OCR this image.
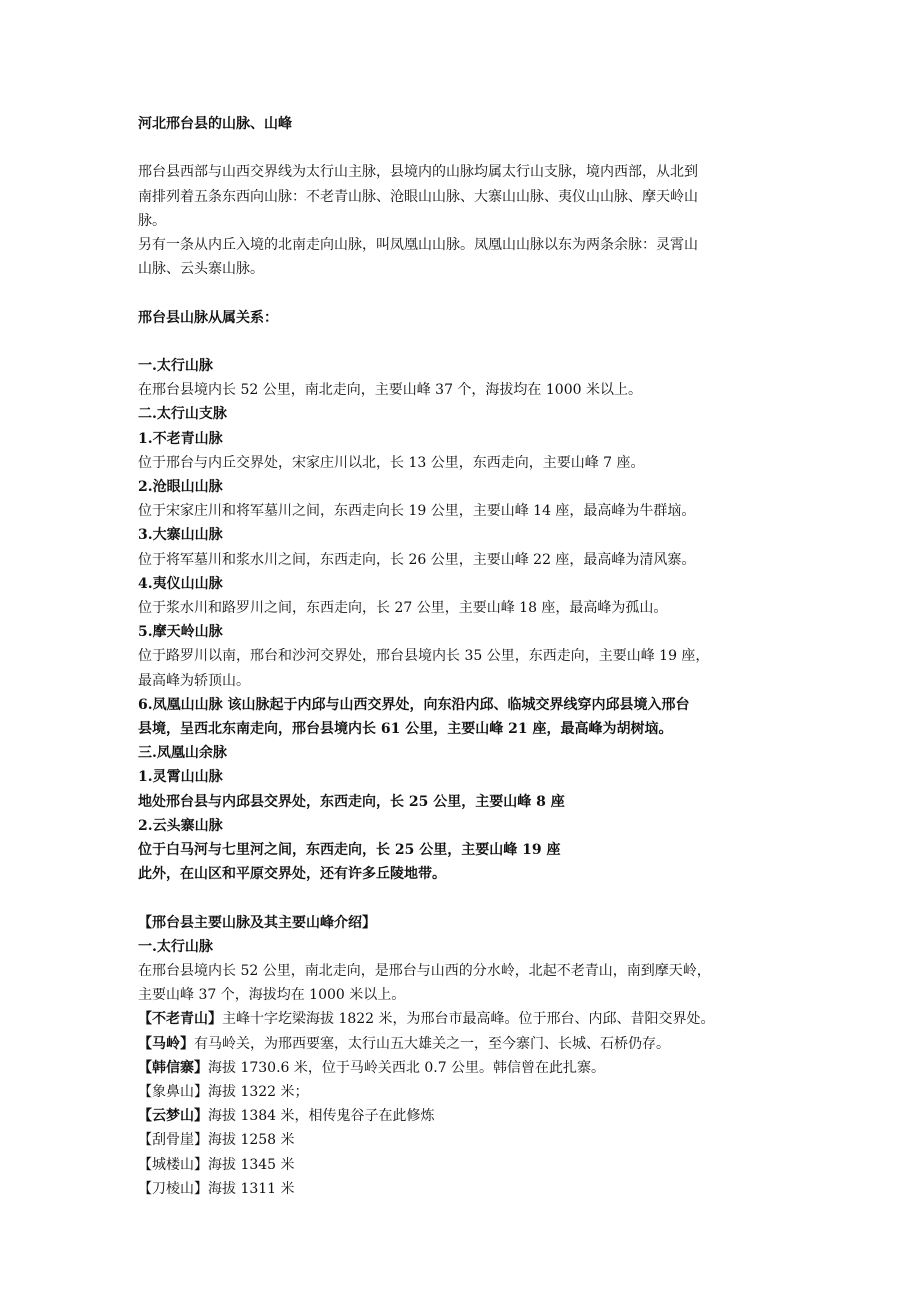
河北邢台县的山脉、山峰

邢台县西部与山西交界线为太行山主脉，县境内的山脉均属太行山支脉，境内西部，从北到

南排列着五条东西向山脉：不老青山脉、沧眼山山脉、大寨山山脉、夷仪山山脉、摩天岭山

脉。

另有一条从内丘入境的北南走向山脉，叫凤凰山山脉。凤凰山山脉以东为两条余脉：灵霄山

山脉、云头寨山脉。

邢台县山脉从属关系：

一.太行山脉

在邢台县境内长 52 公里，南北走向，主要山峰 37 个，海拔均在 1000 米以上。

二.太行山支脉

1.不老青山脉

位于邢台与内丘交界处，宋家庄川以北，长 13 公里，东西走向，主要山峰 7 座。

2.沧眼山山脉

位于宋家庄川和将军墓川之间，东西走向长 19 公里，主要山峰 14 座，最高峰为牛群垴。

3.大寨山山脉

位于将军墓川和浆水川之间，东西走向，长 26 公里，主要山峰 22 座，最高峰为清风寨。

4.夷仪山山脉

位于浆水川和路罗川之间，东西走向，长 27 公里，主要山峰 18 座，最高峰为孤山。

5.摩天岭山脉

位于路罗川以南，邢台和沙河交界处，邢台县境内长 35 公里，东西走向，主要山峰 19 座，

最高峰为轿顶山。

6.凤凰山山脉 该山脉起于内邱与山西交界处，向东沿内邱、临城交界线穿内邱县境入邢台

县境，呈西北东南走向，邢台县境内长 61 公里，主要山峰 21 座，最高峰为胡树垴。

三.凤凰山余脉

1.灵霄山山脉

地处邢台县与内邱县交界处，东西走向，长 25 公里，主要山峰 8 座

2.云头寨山脉

位于白马河与七里河之间，东西走向，长 25 公里，主要山峰 19 座

此外，在山区和平原交界处，还有许多丘陵地带。

【邢台县主要山脉及其主要山峰介绍】

一.太行山脉

在邢台县境内长 52 公里，南北走向，是邢台与山西的分水岭，北起不老青山，南到摩天岭，

主要山峰 37 个，海拔均在 1000 米以上。

【不老青山】主峰十字圪梁海拔 1822 米，为邢台市最高峰。位于邢台、内邱、昔阳交界处。

【马岭】有马岭关，为邢西要塞，太行山五大雄关之一，至今寨门、长城、石桥仍存。

【韩信寨】海拔 1730.6 米，位于马岭关西北 0.7 公里。韩信曾在此扎寨。

【象鼻山】海拔 1322 米；

【云梦山】海拔 1384 米，相传鬼谷子在此修炼

【刮骨崖】海拔 1258 米

【城楼山】海拔 1345 米

【刀棱山】海拔 1311 米
